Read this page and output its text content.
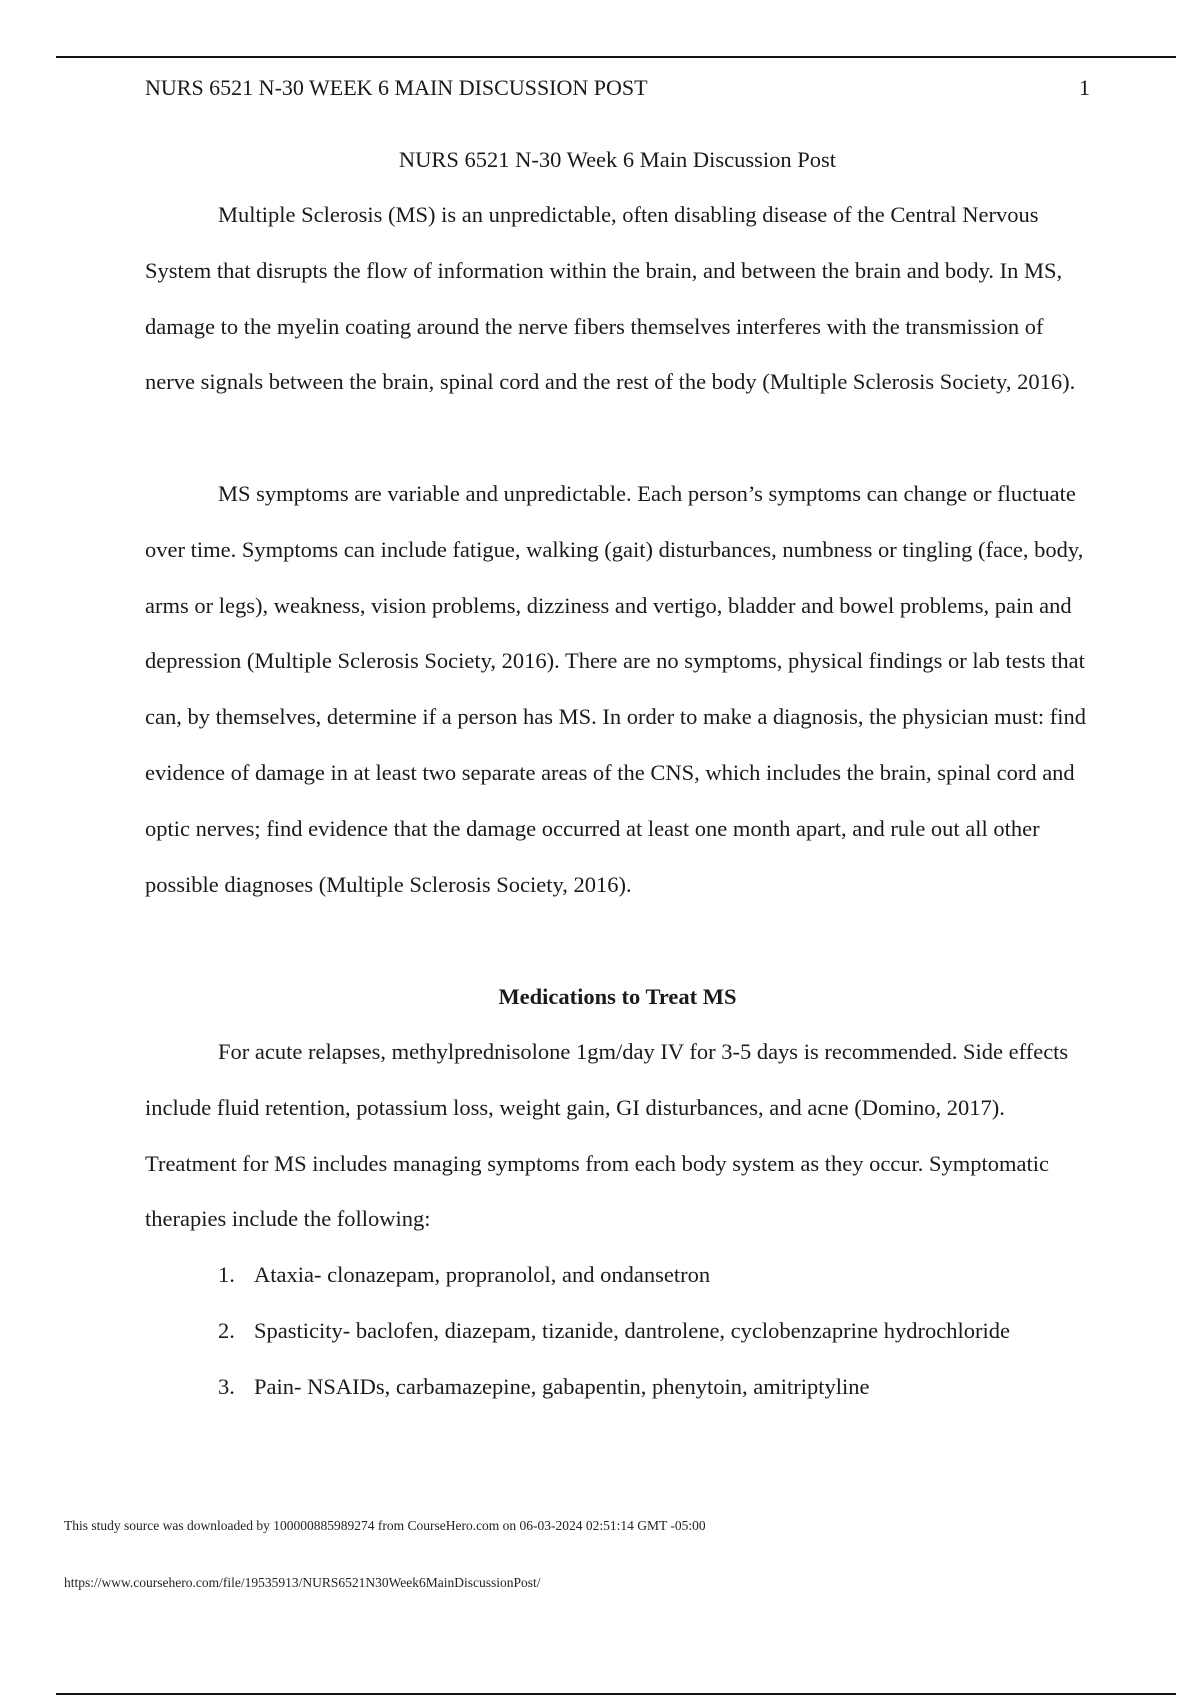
NURS 6521 N-30 WEEK 6 MAIN DISCUSSION POST	1
NURS 6521 N-30 Week 6 Main Discussion Post

Multiple Sclerosis (MS) is an unpredictable, often disabling disease of the Central Nervous System that disrupts the flow of information within the brain, and between the brain and body. In MS, damage to the myelin coating around the nerve fibers themselves interferes with the transmission of nerve signals between the brain, spinal cord and the rest of the body (Multiple Sclerosis Society, 2016).

MS symptoms are variable and unpredictable. Each person’s symptoms can change or fluctuate over time. Symptoms can include fatigue, walking (gait) disturbances, numbness or tingling (face, body, arms or legs), weakness, vision problems, dizziness and vertigo, bladder and bowel problems, pain and depression (Multiple Sclerosis Society, 2016). There are no symptoms, physical findings or lab tests that can, by themselves, determine if a person has MS. In order to make a diagnosis, the physician must: find evidence of damage in at least two separate areas of the CNS, which includes the brain, spinal cord and optic nerves; find evidence that the damage occurred at least one month apart, and rule out all other possible diagnoses (Multiple Sclerosis Society, 2016).

Medications to Treat MS

For acute relapses, methylprednisolone 1gm/day IV for 3-5 days is recommended. Side effects include fluid retention, potassium loss, weight gain, GI disturbances, and acne (Domino, 2017). Treatment for MS includes managing symptoms from each body system as they occur. Symptomatic therapies include the following:

1. Ataxia- clonazepam, propranolol, and ondansetron
2. Spasticity- baclofen, diazepam, tizanide, dantrolene, cyclobenzaprine hydrochloride
3. Pain- NSAIDs, carbamazepine, gabapentin, phenytoin, amitriptyline
This study source was downloaded by 100000885989274 from CourseHero.com on 06-03-2024 02:51:14 GMT -05:00
https://www.coursehero.com/file/19535913/NURS6521N30Week6MainDiscussionPost/
